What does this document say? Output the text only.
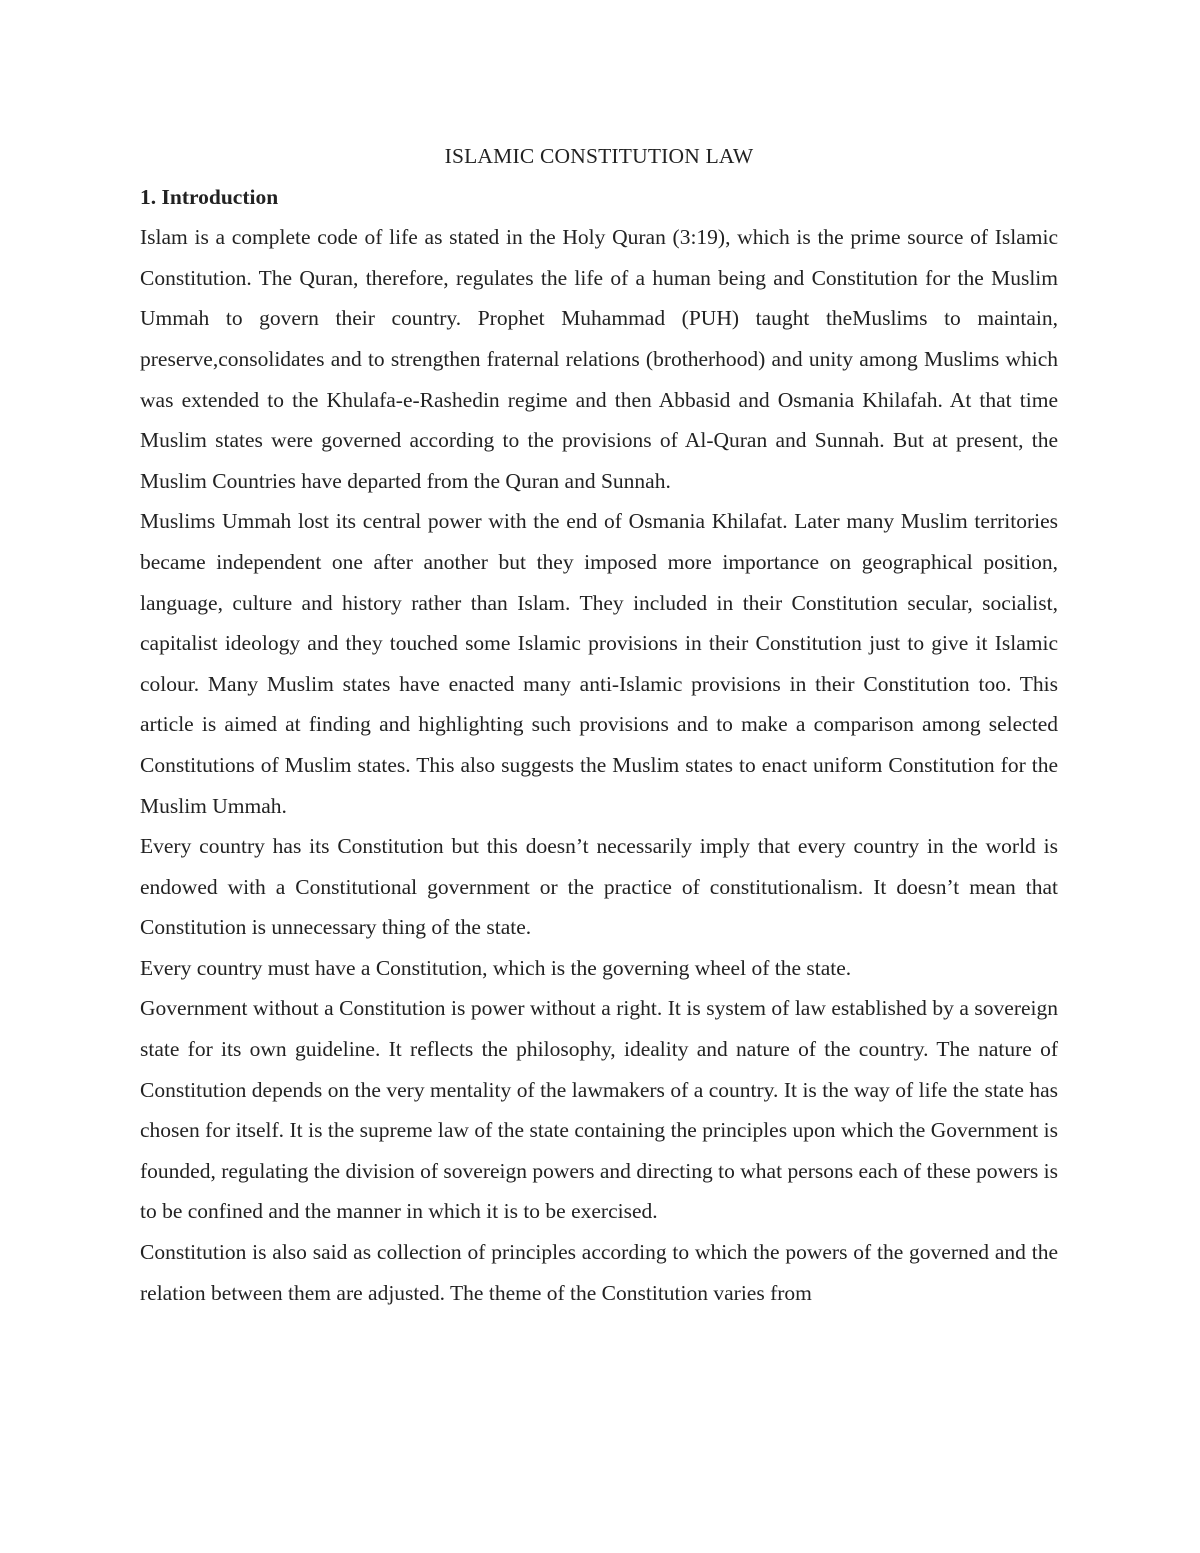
ISLAMIC CONSTITUTION LAW
1. Introduction

Islam is a complete code of life as stated in the Holy Quran (3:19), which is the prime source of Islamic Constitution. The Quran, therefore, regulates the life of a human being and Constitution for the Muslim Ummah to govern their country. Prophet Muhammad (PUH) taught theMuslims to maintain, preserve,consolidates and to strengthen fraternal relations (brotherhood) and unity among Muslims which was extended to the Khulafa-e-Rashedin regime and then Abbasid and Osmania Khilafah. At that time Muslim states were governed according to the provisions of Al-Quran and Sunnah. But at present, the Muslim Countries have departed from the Quran and Sunnah.

Muslims Ummah lost its central power with the end of Osmania Khilafat. Later many Muslim territories became independent one after another but they imposed more importance on geographical position, language, culture and history rather than Islam. They included in their Constitution secular, socialist, capitalist ideology and they touched some Islamic provisions in their Constitution just to give it Islamic colour. Many Muslim states have enacted many anti-Islamic provisions in their Constitution too. This article is aimed at finding and highlighting such provisions and to make a comparison among selected Constitutions of Muslim states. This also suggests the Muslim states to enact uniform Constitution for the Muslim Ummah.

Every country has its Constitution but this doesn’t necessarily imply that every country in the world is endowed with a Constitutional government or the practice of constitutionalism. It doesn’t mean that Constitution is unnecessary thing of the state.

Every country must have a Constitution, which is the governing wheel of the state.

Government without a Constitution is power without a right. It is system of law established by a sovereign state for its own guideline. It reflects the philosophy, ideality and nature of the country. The nature of Constitution depends on the very mentality of the lawmakers of a country. It is the way of life the state has chosen for itself. It is the supreme law of the state containing the principles upon which the Government is founded, regulating the division of sovereign powers and directing to what persons each of these powers is to be confined and the manner in which it is to be exercised.

Constitution is also said as collection of principles according to which the powers of the governed and the relation between them are adjusted. The theme of the Constitution varies from
